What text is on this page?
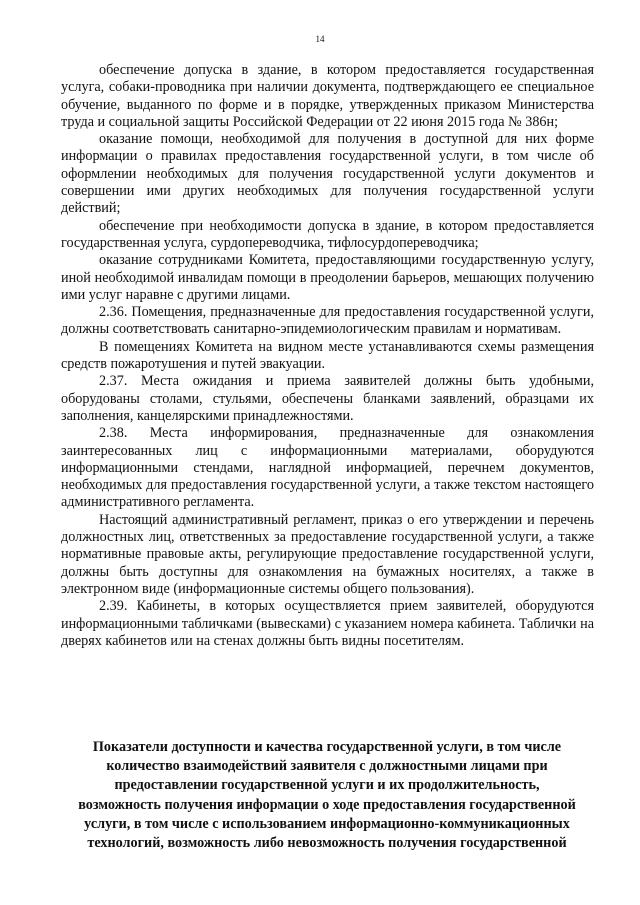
14

обеспечение допуска в здание, в котором предоставляется государственная услуга, собаки-проводника при наличии документа, подтверждающего ее специальное обучение, выданного по форме и в порядке, утвержденных приказом Министерства труда и социальной защиты Российской Федерации от 22 июня 2015 года № 386н;

оказание помощи, необходимой для получения в доступной для них форме информации о правилах предоставления государственной услуги, в том числе об оформлении необходимых для получения государственной услуги документов и совершении ими других необходимых для получения государственной услуги действий;

обеспечение при необходимости допуска в здание, в котором предоставляется государственная услуга, сурдопереводчика, тифлосурдопереводчика;

оказание сотрудниками Комитета, предоставляющими государственную услугу, иной необходимой инвалидам помощи в преодолении барьеров, мешающих получению ими услуг наравне с другими лицами.

2.36. Помещения, предназначенные для предоставления государственной услуги, должны соответствовать санитарно-эпидемиологическим правилам и нормативам.

В помещениях Комитета на видном месте устанавливаются схемы размещения средств пожаротушения и путей эвакуации.

2.37. Места ожидания и приема заявителей должны быть удобными, оборудованы столами, стульями, обеспечены бланками заявлений, образцами их заполнения, канцелярскими принадлежностями.

2.38. Места информирования, предназначенные для ознакомления заинтересованных лиц с информационными материалами, оборудуются информационными стендами, наглядной информацией, перечнем документов, необходимых для предоставления государственной услуги, а также текстом настоящего административного регламента.

Настоящий административный регламент, приказ о его утверждении и перечень должностных лиц, ответственных за предоставление государственной услуги, а также нормативные правовые акты, регулирующие предоставление государственной услуги, должны быть доступны для ознакомления на бумажных носителях, а также в электронном виде (информационные системы общего пользования).

2.39. Кабинеты, в которых осуществляется прием заявителей, оборудуются информационными табличками (вывесками) с указанием номера кабинета. Таблички на дверях кабинетов или на стенах должны быть видны посетителям.

Показатели доступности и качества государственной услуги, в том числе
количество взаимодействий заявителя с должностными лицами при
предоставлении государственной услуги и их продолжительность,
возможность получения информации о ходе предоставления государственной
услуги, в том числе с использованием информационно-коммуникационных
технологий, возможность либо невозможность получения государственной
